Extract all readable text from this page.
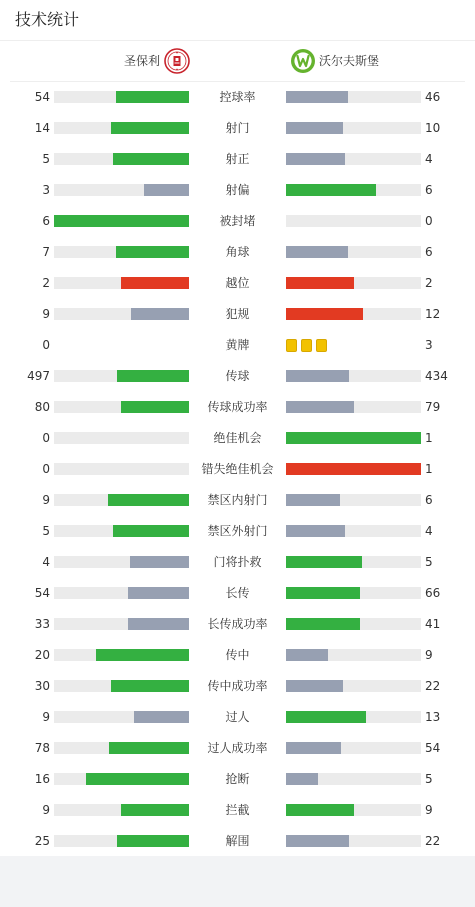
技术统计
圣保利	沃尔夫斯堡
54	控球率	46
14	射门	10
5	射正	4
3	射偏	6
6	被封堵	0
7	角球	6
2	越位	2
9	犯规	12
0	黄牌	3
497	传球	434
80	传球成功率	79
0	绝佳机会	1
0	错失绝佳机会	1
9	禁区内射门	6
5	禁区外射门	4
4	门将扑救	5
54	长传	66
33	长传成功率	41
20	传中	9
30	传中成功率	22
9	过人	13
78	过人成功率	54
16	抢断	5
9	拦截	9
25	解围	22
